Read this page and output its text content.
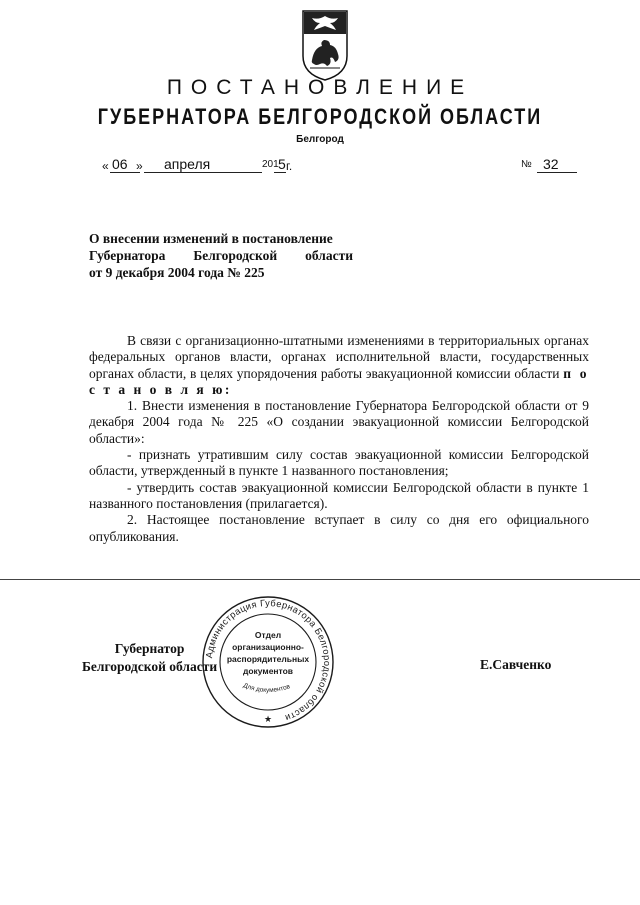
ПОСТАНОВЛЕНИЕ
ГУБЕРНАТОРА БЕЛГОРОДСКОЙ ОБЛАСТИ
Белгород
« 06 » апреля	201 5 г.	№ 32
О внесении изменений в постановление
Губернатора Белгородской области
от 9 декабря 2004 года № 225
В связи с организационно-штатными изменениями в территориальных органах федеральных органов власти, органах исполнительной власти, государственных органах области, в целях упорядочения работы эвакуационной комиссии области п о с т а н о в л я ю:
1. Внести изменения в постановление Губернатора Белгородской области от 9 декабря 2004 года № 225 «О создании эвакуационной комиссии Белгородской области»:
- признать утратившим силу состав эвакуационной комиссии Белгородской области, утвержденный в пункте 1 названного постановления;
- утвердить состав эвакуационной комиссии Белгородской области в пункте 1 названного постановления (прилагается).
2. Настоящее постановление вступает в силу со дня его официального опубликования.
Губернатор
Белгородской области
Администрация Губернатора Белгородской области
Отдел
организационно-
распорядительных
документов
Для документов
★
Е.Савченко
